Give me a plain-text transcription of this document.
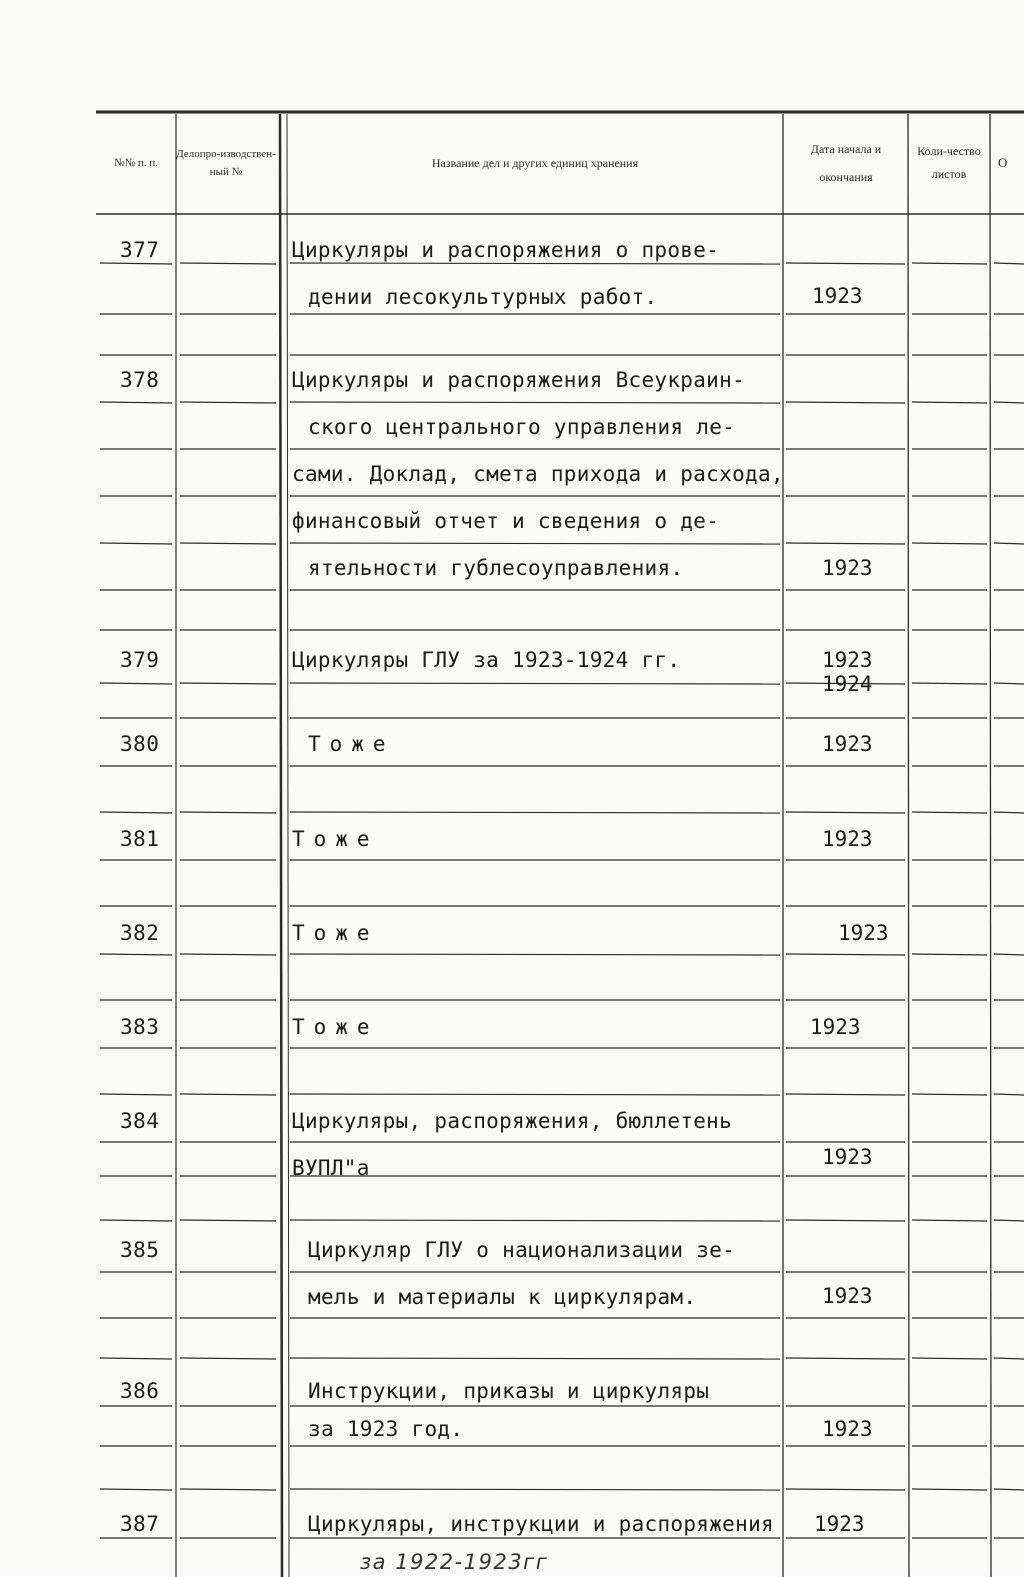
№№ п. п.
Делопро-изводствен-ный №
Название дел и других единиц хранения
Дата начала и окончания
Коли-чество листов
О
377	Циркуляры и распоряжения о прове-
дении лесокультурных работ.	1923
378	Циркуляры и распоряжения Всеукраин-
ского центрального управления ле-
сами. Доклад, смета прихода и расхода,
финансовый отчет и сведения о де-
ятельности гублесоуправления.	1923
379	Циркуляры ГЛУ за 1923-1924 гг.	1923
1924
380	Тоже	1923
381	Тоже	1923
382	Тоже	1923
383	Тоже	1923
384	Циркуляры, распоряжения, бюллетень
ВУПЛ"а	1923
385	Циркуляр ГЛУ о национализации зе-
мель и материалы к циркулярам.	1923
386	Инструкции, приказы и циркуляры
за 1923 год.	1923
387	Циркуляры, инструкции и распоряжения 1923
за 1922-1923гг
